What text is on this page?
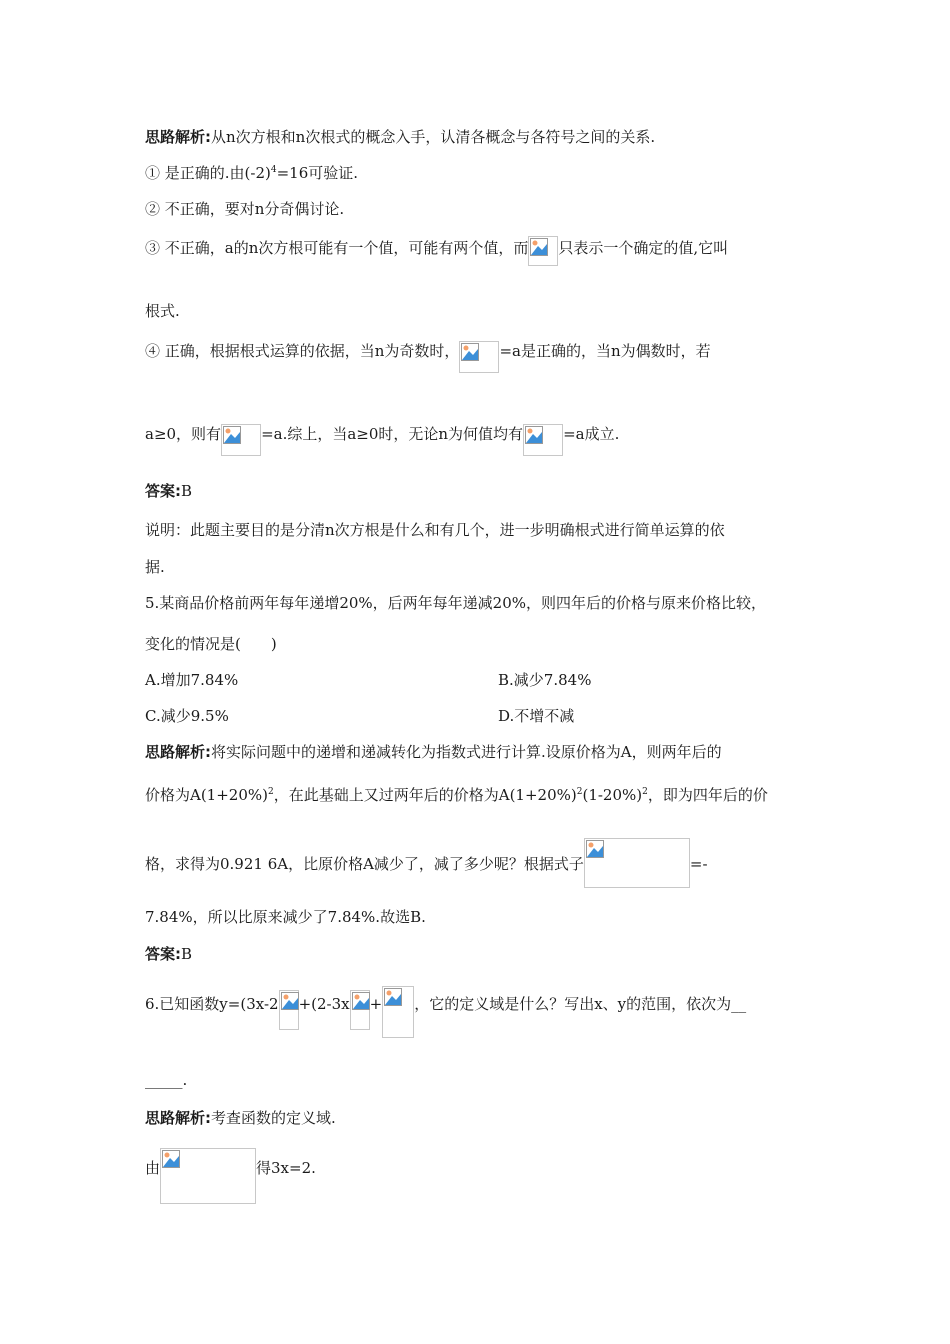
思路解析:从n次方根和n次根式的概念入手，认清各概念与各符号之间的关系.
① 是正确的.由$(-2)^4=16$可验证.
② 不正确，要对n分奇偶讨论.
③ 不正确，a的n次方根可能有一个值，可能有两个值，而 只表示一个确定的值,它叫
根式.
④ 正确，根据根式运算的依据，当n为奇数时，	=a是正确的，当n为偶数时，若
a≥0，则有	=a.综上，当a≥0时，无论n为何值均有	=a成立.
答案:B
说明：此题主要目的是分清n次方根是什么和有几个，进一步明确根式进行简单运算的依
据.
5.某商品价格前两年每年递增20%，后两年每年递减20%，则四年后的价格与原来价格比较，
变化的情况是(　　)
A.增加7.84%	B.减少7.84%
C.减少9.5%	D.不增不减
思路解析:将实际问题中的递增和递减转化为指数式进行计算.设原价格为A，则两年后的
价格为$A(1+20\%)^2$，在此基础上又过两年后的价格为$A(1+20\%)^2(1-20\%)^2$，即为四年后的价
格，求得为0.921 6A，比原价格A减少了，减了多少呢？根据式子	=-
7.84%，所以比原来减少了7.84%.故选B.
答案:B
6.已知函数y=(3x-2 +(2-3x + ，它的定义域是什么？写出x、y的范围，依次为__
_____.
思路解析:考查函数的定义域.
由	得3x=2.
